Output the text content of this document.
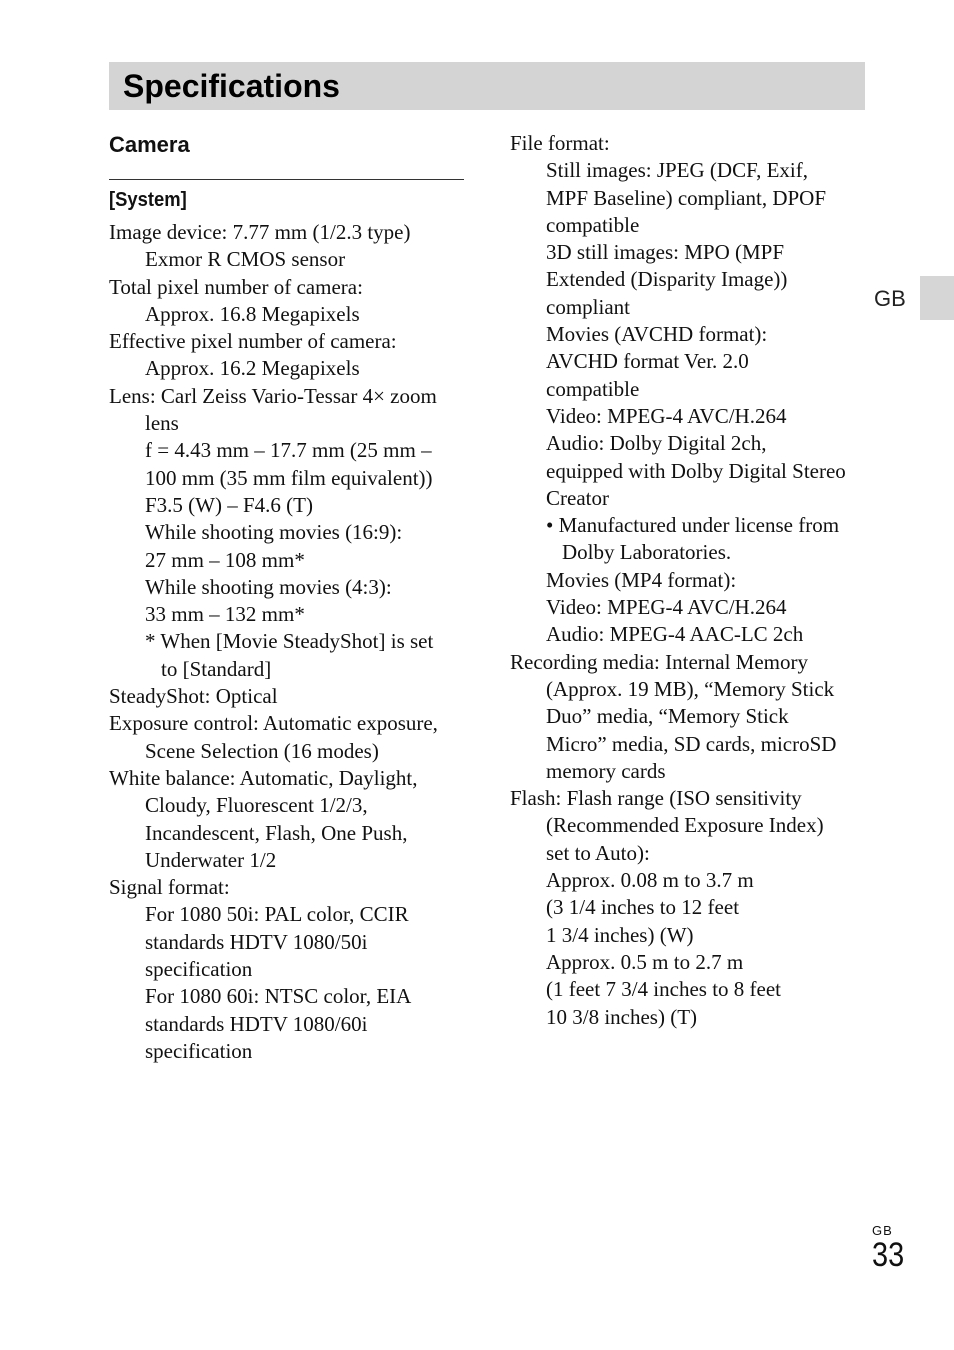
Specifications
GB
Camera
[System]
Image device: 7.77 mm (1/2.3 type)
Exmor R CMOS sensor
Total pixel number of camera:
Approx. 16.8 Megapixels
Effective pixel number of camera:
Approx. 16.2 Megapixels
Lens: Carl Zeiss Vario-Tessar 4× zoom
lens
f = 4.43 mm – 17.7 mm (25 mm –
100 mm (35 mm film equivalent))
F3.5 (W) – F4.6 (T)
While shooting movies (16:9):
27 mm – 108 mm*
While shooting movies (4:3):
33 mm – 132 mm*
* When [Movie SteadyShot] is set
to [Standard]
SteadyShot: Optical
Exposure control: Automatic exposure,
Scene Selection (16 modes)
White balance: Automatic, Daylight,
Cloudy, Fluorescent 1/2/3,
Incandescent, Flash, One Push,
Underwater 1/2
Signal format:
For 1080 50i: PAL color, CCIR
standards HDTV 1080/50i
specification
For 1080 60i: NTSC color, EIA
standards HDTV 1080/60i
specification
File format:
Still images: JPEG (DCF, Exif,
MPF Baseline) compliant, DPOF
compatible
3D still images: MPO (MPF
Extended (Disparity Image))
compliant
Movies (AVCHD format):
AVCHD format Ver. 2.0
compatible
Video: MPEG-4 AVC/H.264
Audio: Dolby Digital 2ch,
equipped with Dolby Digital Stereo
Creator
• Manufactured under license from
Dolby Laboratories.
Movies (MP4 format):
Video: MPEG-4 AVC/H.264
Audio: MPEG-4 AAC-LC 2ch
Recording media: Internal Memory
(Approx. 19 MB), “Memory Stick
Duo” media, “Memory Stick
Micro” media, SD cards, microSD
memory cards
Flash: Flash range (ISO sensitivity
(Recommended Exposure Index)
set to Auto):
Approx. 0.08 m to 3.7 m
(3 1/4 inches to 12 feet
1 3/4 inches) (W)
Approx. 0.5 m to 2.7 m
(1 feet 7 3/4 inches to 8 feet
10 3/8 inches) (T)
GB
33
